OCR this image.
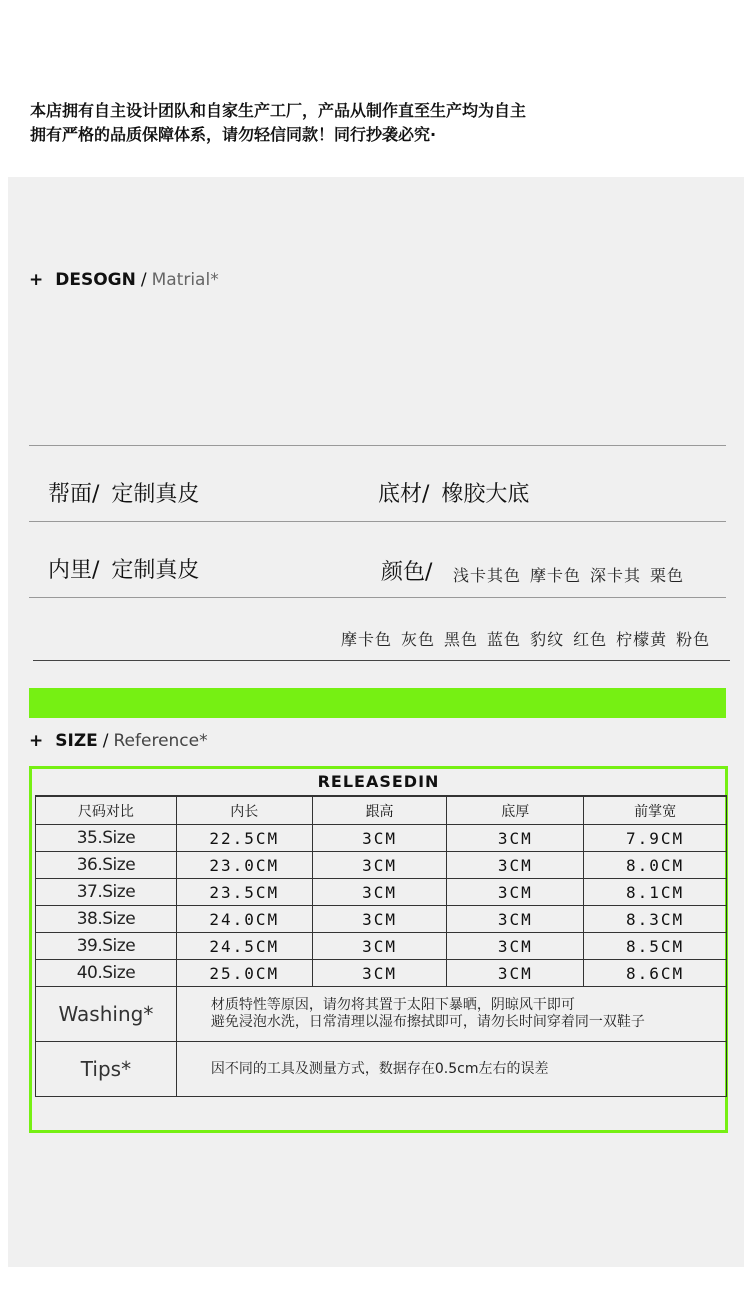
本店拥有自主设计团队和自家生产工厂，产品从制作直至生产均为自主
拥有严格的品质保障体系，请勿轻信同款！同行抄袭必究·
+ DESOGN / Matrial*
帮面/ 定制真皮	底材/ 橡胶大底
内里/ 定制真皮	颜色/ 浅卡其色 摩卡色 深卡其 栗色
摩卡色 灰色 黑色 蓝色 豹纹 红色 柠檬黄 粉色
+ SIZE / Reference*
RELEASEDIN
尺码对比	内长	跟高	底厚	前掌宽
35.Size	22.5CM	3CM	3CM	7.9CM
36.Size	23.0CM	3CM	3CM	8.0CM
37.Size	23.5CM	3CM	3CM	8.1CM
38.Size	24.0CM	3CM	3CM	8.3CM
39.Size	24.5CM	3CM	3CM	8.5CM
40.Size	25.0CM	3CM	3CM	8.6CM
Washing*	材质特性等原因，请勿将其置于太阳下暴晒，阴晾风干即可
避免浸泡水洗，日常清理以湿布擦拭即可，请勿长时间穿着同一双鞋子			

Tips*	因不同的工具及测量方式，数据存在0.5cm左右的误差			
